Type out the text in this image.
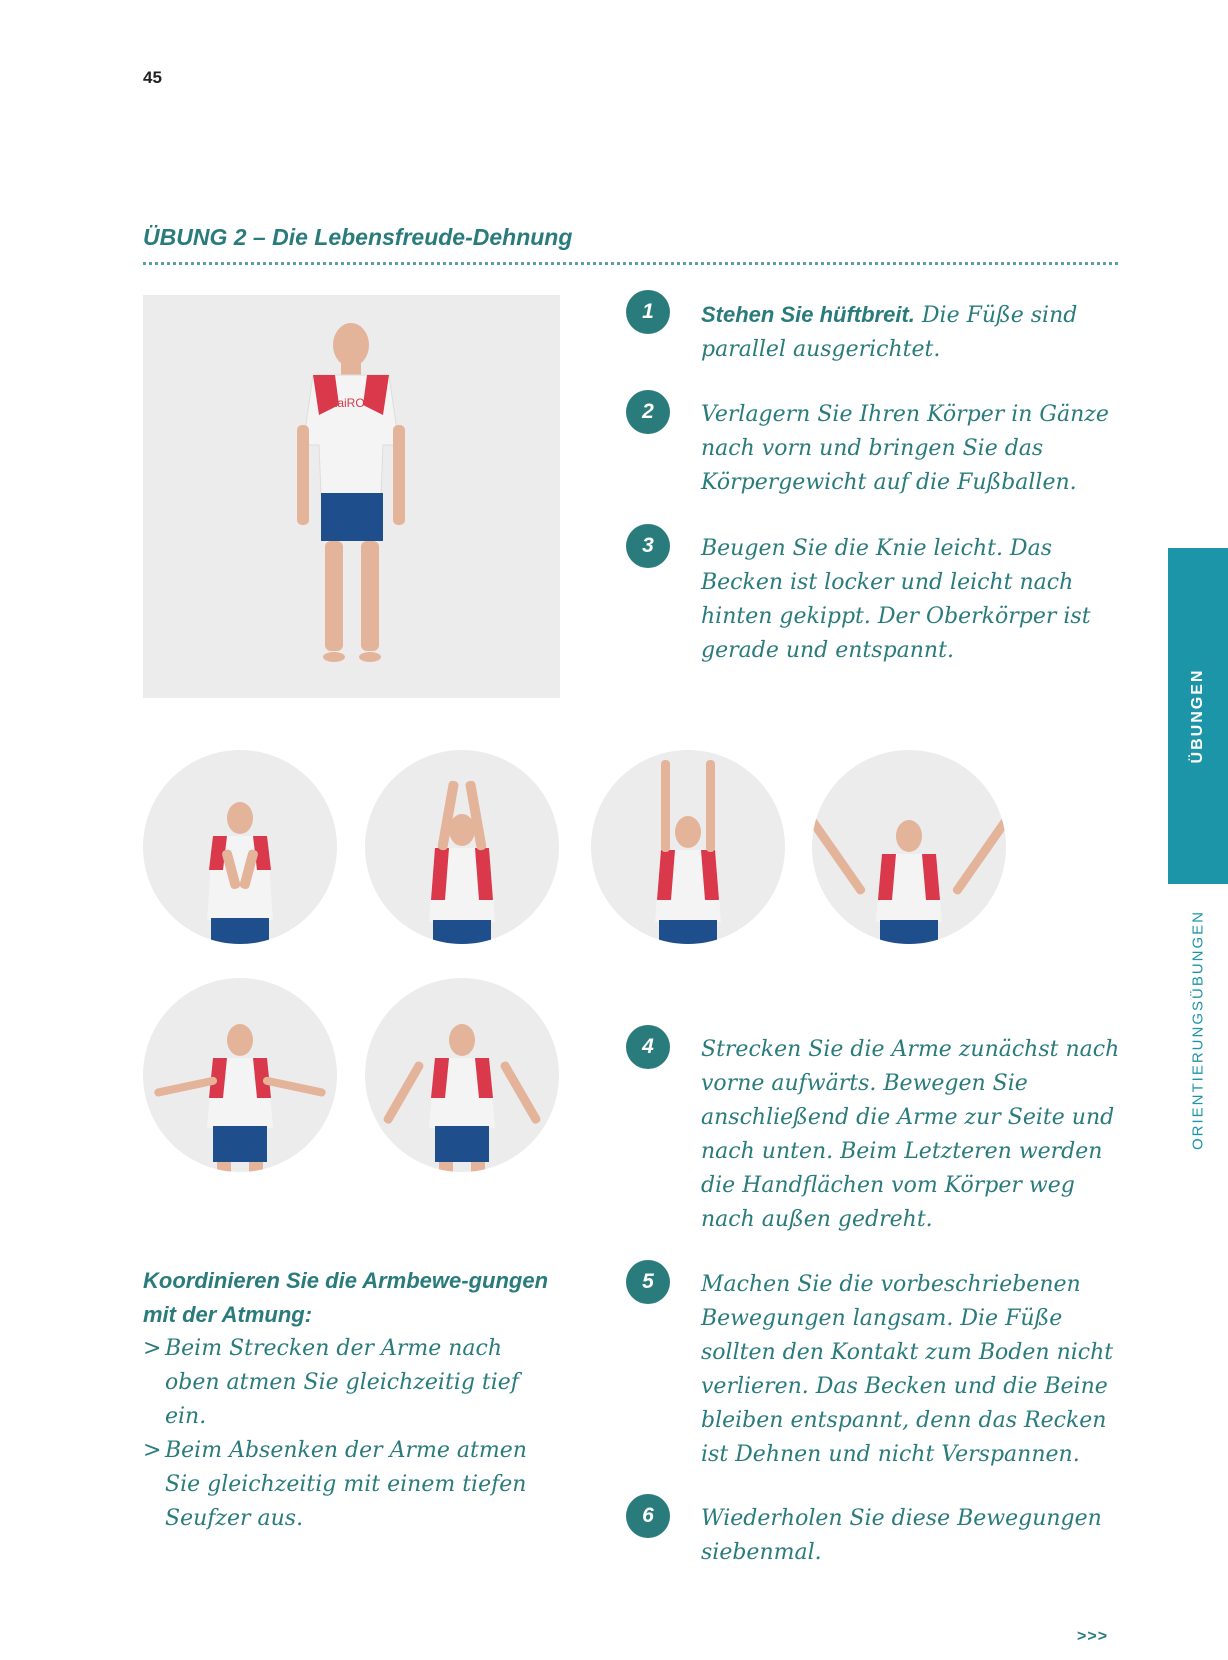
45
ÜBUNG 2 – Die Lebensfreude-Dehnung
KaiROS
1	Stehen Sie hüftbreit. Die Füße sind parallel ausgerichtet.
2	Verlagern Sie Ihren Körper in Gänze nach vorn und bringen Sie das Körpergewicht auf die Fußballen.
3	Beugen Sie die Knie leicht. Das Becken ist locker und leicht nach hinten gekippt. Der Oberkörper ist gerade und entspannt.
4	Strecken Sie die Arme zunächst nach vorne aufwärts. Bewegen Sie anschließend die Arme zur Seite und nach unten. Beim Letzteren werden die Handflächen vom Körper weg nach außen gedreht.
5	Machen Sie die vorbeschriebenen Bewegungen langsam. Die Füße sollten den Kontakt zum Boden nicht verlieren. Das Becken und die Beine bleiben entspannt, denn das Recken ist Dehnen und nicht Verspannen.
6	Wiederholen Sie diese Bewegungen siebenmal.

Koordinieren Sie die Armbewe-gungen mit der Atmung:

> Beim Strecken der Arme nach oben atmen Sie gleichzeitig tief ein.
> Beim Absenken der Arme atmen Sie gleichzeitig mit einem tiefen Seufzer aus.
ÜBUNGEN
ORIENTIERUNGSÜBUNGEN
>>>
